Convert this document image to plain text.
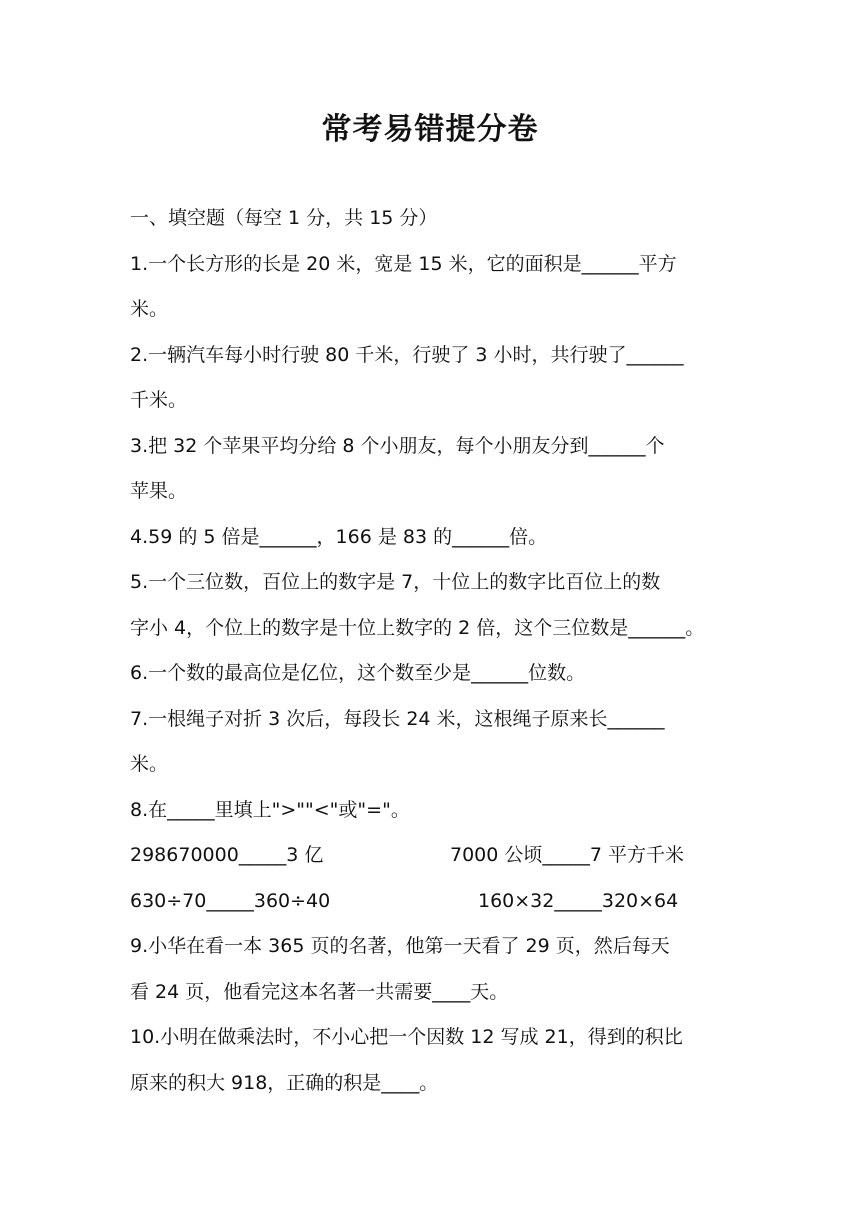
常考易错提分卷
一、填空题（每空 1 分，共 15 分）
1.一个长方形的长是 20 米，宽是 15 米，它的面积是______平方
米。
2.一辆汽车每小时行驶 80 千米，行驶了 3 小时，共行驶了______
千米。
3.把 32 个苹果平均分给 8 个小朋友，每个小朋友分到______个
苹果。
4.59 的 5 倍是______，166 是 83 的______倍。
5.一个三位数，百位上的数字是 7，十位上的数字比百位上的数
字小 4，个位上的数字是十位上数字的 2 倍，这个三位数是______。
6.一个数的最高位是亿位，这个数至少是______位数。
7.一根绳子对折 3 次后，每段长 24 米，这根绳子原来长______
米。
8.在_____里填上">""<"或"="。
298670000_____3 亿	7000 公顷_____7 平方千米
630÷70_____360÷40	160×32_____320×64
9.小华在看一本 365 页的名著，他第一天看了 29 页，然后每天
看 24 页，他看完这本名著一共需要____天。
10.小明在做乘法时，不小心把一个因数 12 写成 21，得到的积比
原来的积大 918，正确的积是____。
